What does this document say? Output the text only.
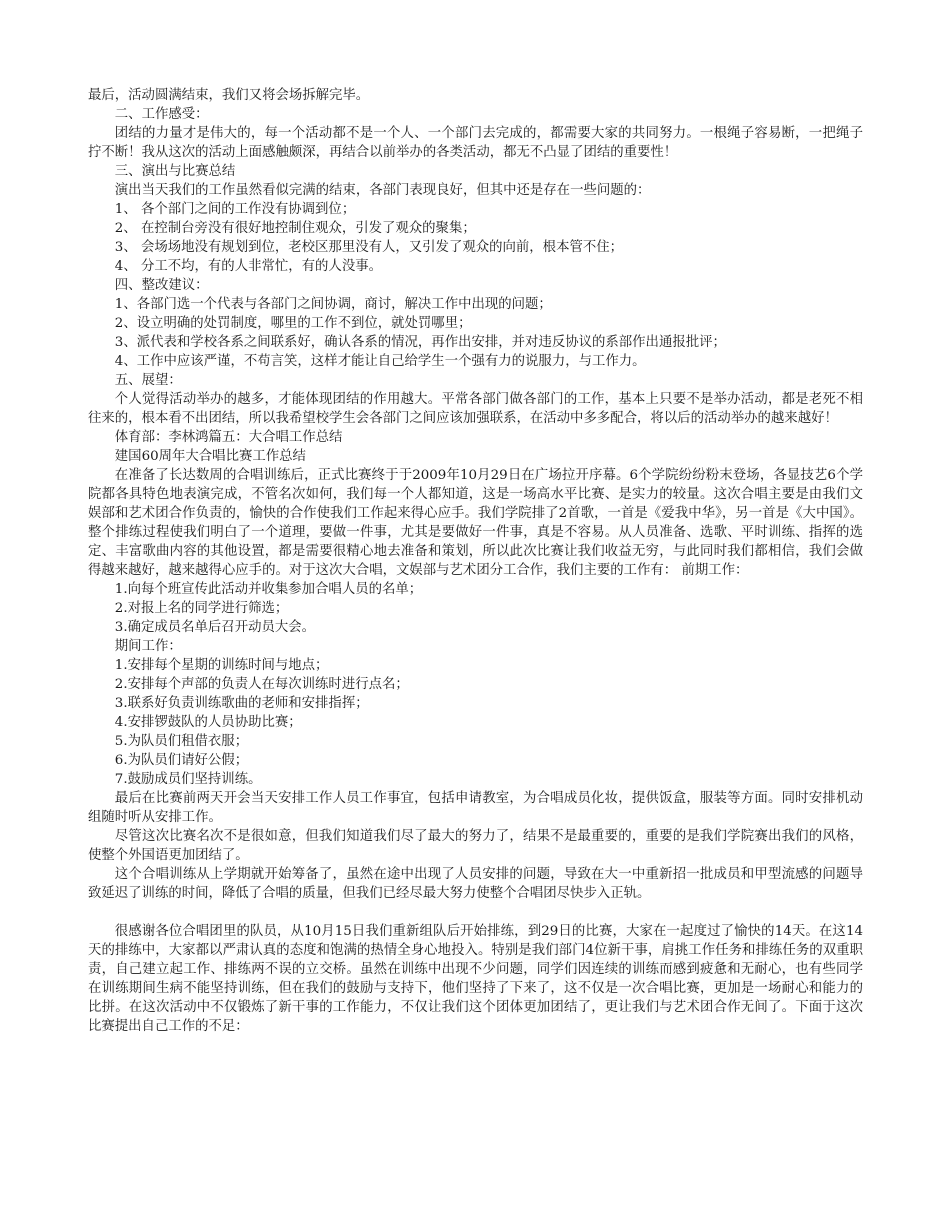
最后，活动圆满结束，我们又将会场拆解完毕。

二、工作感受：

团结的力量才是伟大的，每一个活动都不是一个人、一个部门去完成的，都需要大家的共同努力。一根绳子容易断，一把绳子拧不断！我从这次的活动上面感触颇深，再结合以前举办的各类活动，都无不凸显了团结的重要性！

三、演出与比赛总结

演出当天我们的工作虽然看似完满的结束，各部门表现良好，但其中还是存在一些问题的：

1、 各个部门之间的工作没有协调到位；

2、 在控制台旁没有很好地控制住观众，引发了观众的聚集；

3、 会场场地没有规划到位，老校区那里没有人，又引发了观众的向前，根本管不住；

4、 分工不均，有的人非常忙，有的人没事。

四、整改建议：

1、各部门选一个代表与各部门之间协调，商讨，解决工作中出现的问题；

2、设立明确的处罚制度，哪里的工作不到位，就处罚哪里；

3、派代表和学校各系之间联系好，确认各系的情况，再作出安排，并对违反协议的系部作出通报批评；

4、工作中应该严谨，不苟言笑，这样才能让自己给学生一个强有力的说服力，与工作力。

五、展望：

个人觉得活动举办的越多，才能体现团结的作用越大。平常各部门做各部门的工作，基本上只要不是举办活动，都是老死不相往来的，根本看不出团结，所以我希望校学生会各部门之间应该加强联系，在活动中多多配合，将以后的活动举办的越来越好！

体育部：李林鸿篇五：大合唱工作总结

建国60周年大合唱比赛工作总结

在准备了长达数周的合唱训练后，正式比赛终于于2009年10月29日在广场拉开序幕。6个学院纷纷粉末登场，各显技艺6个学院都各具特色地表演完成，不管名次如何，我们每一个人都知道，这是一场高水平比赛、是实力的较量。这次合唱主要是由我们文娱部和艺术团合作负责的，愉快的合作使我们工作起来得心应手。我们学院排了2首歌，一首是《爱我中华》，另一首是《大中国》。整个排练过程使我们明白了一个道理，要做一件事，尤其是要做好一件事，真是不容易。从人员准备、选歌、平时训练、指挥的选定、丰富歌曲内容的其他设置，都是需要很精心地去准备和策划，所以此次比赛让我们收益无穷，与此同时我们都相信，我们会做得越来越好，越来越得心应手的。对于这次大合唱，文娱部与艺术团分工合作，我们主要的工作有： 前期工作：

1.向每个班宣传此活动并收集参加合唱人员的名单；

2.对报上名的同学进行筛选；

3.确定成员名单后召开动员大会。

期间工作：

1.安排每个星期的训练时间与地点；

2.安排每个声部的负责人在每次训练时进行点名；

3.联系好负责训练歌曲的老师和安排指挥；

4.安排锣鼓队的人员协助比赛；

5.为队员们租借衣服；

6.为队员们请好公假；

7.鼓励成员们坚持训练。

最后在比赛前两天开会当天安排工作人员工作事宜，包括申请教室，为合唱成员化妆，提供饭盒，服装等方面。同时安排机动组随时听从安排工作。

尽管这次比赛名次不是很如意，但我们知道我们尽了最大的努力了，结果不是最重要的，重要的是我们学院赛出我们的风格，使整个外国语更加团结了。

这个合唱训练从上学期就开始筹备了，虽然在途中出现了人员安排的问题，导致在大一中重新招一批成员和甲型流感的问题导致延迟了训练的时间，降低了合唱的质量，但我们已经尽最大努力使整个合唱团尽快步入正轨。

很感谢各位合唱团里的队员，从10月15日我们重新组队后开始排练，到29日的比赛，大家在一起度过了愉快的14天。在这14天的排练中，大家都以严肃认真的态度和饱满的热情全身心地投入。特别是我们部门4位新干事，肩挑工作任务和排练任务的双重职责，自己建立起工作、排练两不误的立交桥。虽然在训练中出现不少问题，同学们因连续的训练而感到疲惫和无耐心，也有些同学在训练期间生病不能坚持训练，但在我们的鼓励与支持下，他们坚持了下来了，这不仅是一次合唱比赛，更加是一场耐心和能力的比拼。在这次活动中不仅锻炼了新干事的工作能力，不仅让我们这个团体更加团结了，更让我们与艺术团合作无间了。下面于这次比赛提出自己工作的不足：
